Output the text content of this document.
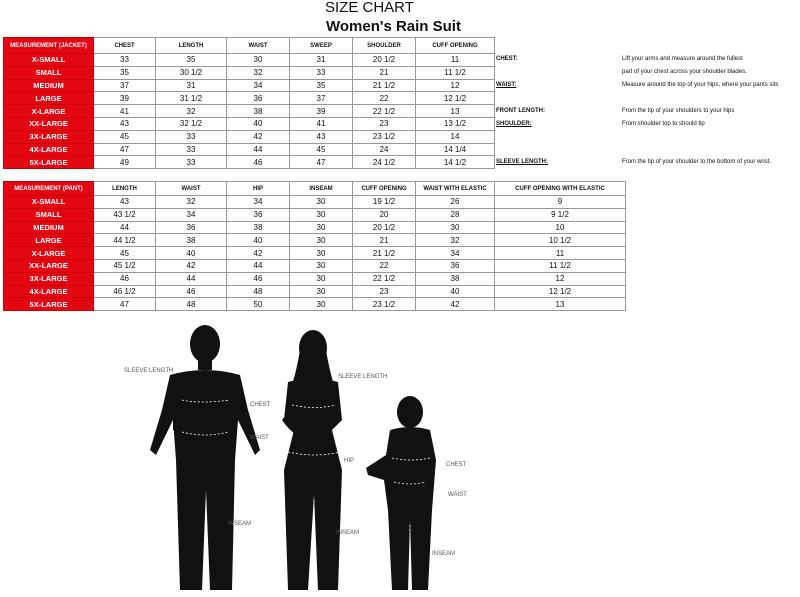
SIZE CHART
Women's Rain Suit
MEASUREMENT (JACKET)	CHEST	LENGTH	WAIST	SWEEP	SHOULDER	CUFF OPENING
X-SMALL	33	35	30	31	20 1/2	11
SMALL	35	30 1/2	32	33	21	11 1/2
MEDIUM	37	31	34	35	21 1/2	12
LARGE	39	31 1/2	36	37	22	12 1/2
X-LARGE	41	32	38	39	22 1/2	13
XX-LARGE	43	32 1/2	40	41	23	13 1/2
3X-LARGE	45	33	42	43	23 1/2	14
4X-LARGE	47	33	44	45	24	14 1/4
5X-LARGE	49	33	46	47	24 1/2	14 1/2
MEASUREMENT (PANT)	LENGTH	WAIST	HIP	INSEAM	CUFF OPENING	WAIST WITH ELASTIC	CUFF OPENING WITH ELASTIC
X-SMALL	43	32	34	30	19 1/2	26	9
SMALL	43 1/2	34	36	30	20	28	9 1/2
MEDIUM	44	36	38	30	20 1/2	30	10
LARGE	44 1/2	38	40	30	21	32	10 1/2
X-LARGE	45	40	42	30	21 1/2	34	11
XX-LARGE	45 1/2	42	44	30	22	36	11 1/2
3X-LARGE	46	44	46	30	22 1/2	38	12
4X-LARGE	46 1/2	46	48	30	23	40	12 1/2
5X-LARGE	47	48	50	30	23 1/2	42	13
CHEST:	Lift your arms and measure around the fullest
part of your chest across your shoulder blades.
WAIST:	Measure around the top of your hips, where your pants sits
FRONT LENGTH:	From the tip of your shoulders to your hips
SHOULDER:	From shoulder top to should tip
SLEEVE LENGTH:	From the tip of your shoulder to the bottom of your wrist.
SLEEVE LENGTH
CHEST
WAIST
INSEAM
SLEEVE LENGTH
HIP
INSEAM
CHEST
WAIST
INSEAM
